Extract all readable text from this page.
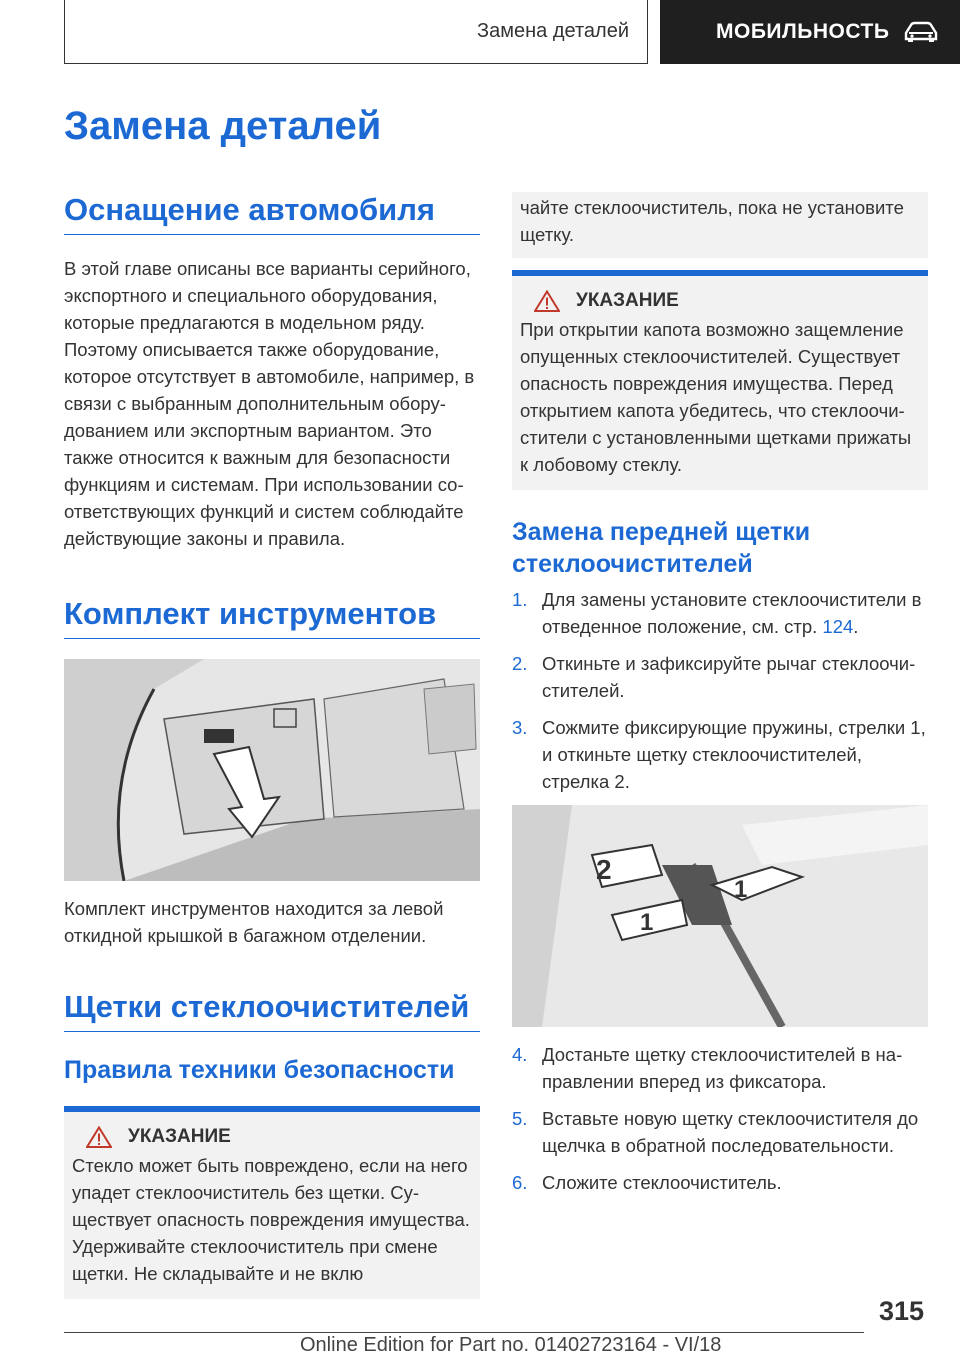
Замена деталей	МОБИЛЬНОСТЬ
Замена деталей
Оснащение автомобиля

В этой главе описаны все варианты серийного, экспортного и специального оборудования, которые предлагаются в модельном ряду. Поэтому описывается также оборудование, которое отсутствует в автомобиле, например, в связи с выбранным дополнительным оборудованием или экспортным вариантом. Это также относится к важным для безопасности функциям и системам. При использовании соответствующих функций и систем соблюдайте действующие законы и правила.

Комплект инструментов

Комплект инструментов находится за левой откидной крышкой в багажном отделении.

Щетки стеклоочистителей
Правила техники безопасности
УКАЗАНИЕ

Стекло может быть повреждено, если на него упадет стеклоочиститель без щетки. Существует опасность повреждения имущества. Удерживайте стеклоочиститель при смене щетки. Не складывайте и не вклю

чайте стеклоочиститель, пока не установите щетку.

УКАЗАНИЕ

При открытии капота возможно защемление опущенных стеклоочистителей. Существует опасность повреждения имущества. Перед открытием капота убедитесь, что стеклоочистители с установленными щетками прижаты к лобовому стеклу.

Замена передней щетки стеклоочистителей
1. Для замены установите стеклоочистители в отведенное положение, см. стр. 124.
2. Откиньте и зафиксируйте рычаг стеклоочистителей.
3. Сожмите фиксирующие пружины, стрелки 1, и откиньте щетку стеклоочистителей, стрелка 2.
2
1
1
4. Достаньте щетку стеклоочистителей в направлении вперед из фиксатора.
5. Вставьте новую щетку стеклоочистителя до щелчка в обратной последовательности.
6. Сложите стеклоочиститель.
315
Online Edition for Part no. 01402723164 - VI/18
